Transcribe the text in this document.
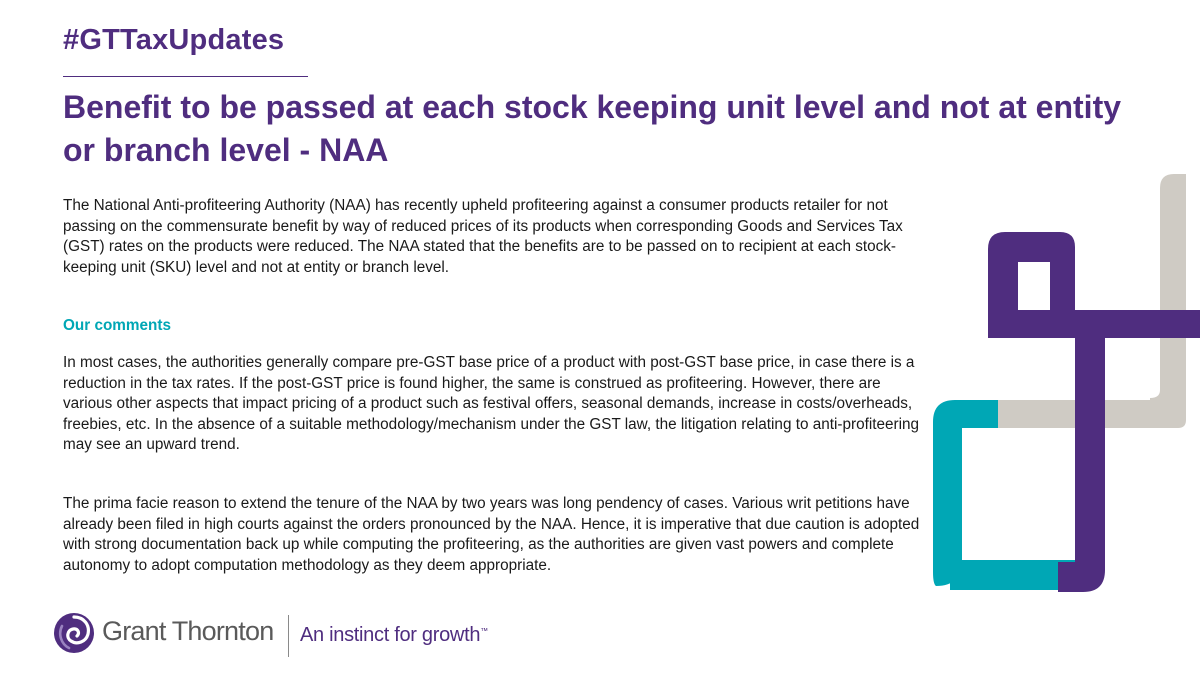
#GTTaxUpdates
Benefit to be passed at each stock keeping unit level and not at entity or branch level - NAA

The National Anti-profiteering Authority (NAA) has recently upheld profiteering against a consumer products retailer for not passing on the commensurate benefit by way of reduced prices of its products when corresponding Goods and Services Tax (GST) rates on the products were reduced. The NAA stated that the benefits are to be passed on to recipient at each stock-keeping unit (SKU) level and not at entity or branch level.

Our comments

In most cases, the authorities generally compare pre-GST base price of a product with post-GST base price, in case there is a reduction in the tax rates. If the post-GST price is found higher, the same is construed as profiteering. However, there are various other aspects that impact pricing of a product such as festival offers, seasonal demands, increase in costs/overheads, freebies, etc. In the absence of a suitable methodology/mechanism under the GST law, the litigation relating to anti-profiteering may see an upward trend.

The prima facie reason to extend the tenure of the NAA by two years was long pendency of cases. Various writ petitions have already been filed in high courts against the orders pronounced by the NAA. Hence, it is imperative that due caution is adopted with strong documentation back up while computing the profiteering, as the authorities are given vast powers and complete autonomy to adopt computation methodology as they deem appropriate.

Grant Thornton An instinct for growth™
